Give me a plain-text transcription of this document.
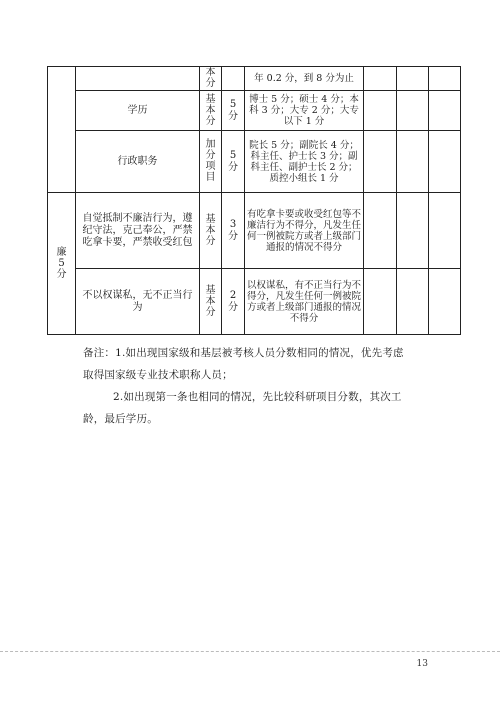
		本 分		年 0.2 分，到 8 分为止			
	学历	基本分	5 分	博士 5 分；硕士 4 分；本科 3 分；大专 2 分；大专以下 1 分			
	行政职务	加分项目	5 分	院长 5 分；副院长 4 分；科主任、护士长 3 分；副科主任、副护士长 2 分；质控小组长 1 分			
廉5分	自觉抵制不廉洁行为，遵纪守法，克己奉公，严禁吃拿卡要，严禁收受红包	基本分	3 分	有吃拿卡要或收受红包等不廉洁行为不得分，凡发生任何一例被院方或者上级部门通报的情况不得分			
	不以权谋私，无不正当行为	基本分	2 分	以权谋私，有不正当行为不得分，凡发生任何一例被院方或者上级部门通报的情况不得分			

备注：1.如出现国家级和基层被考核人员分数相同的情况，优先考虑

取得国家级专业技术职称人员；

2.如出现第一条也相同的情况，先比较科研项目分数，其次工

龄，最后学历。

13
